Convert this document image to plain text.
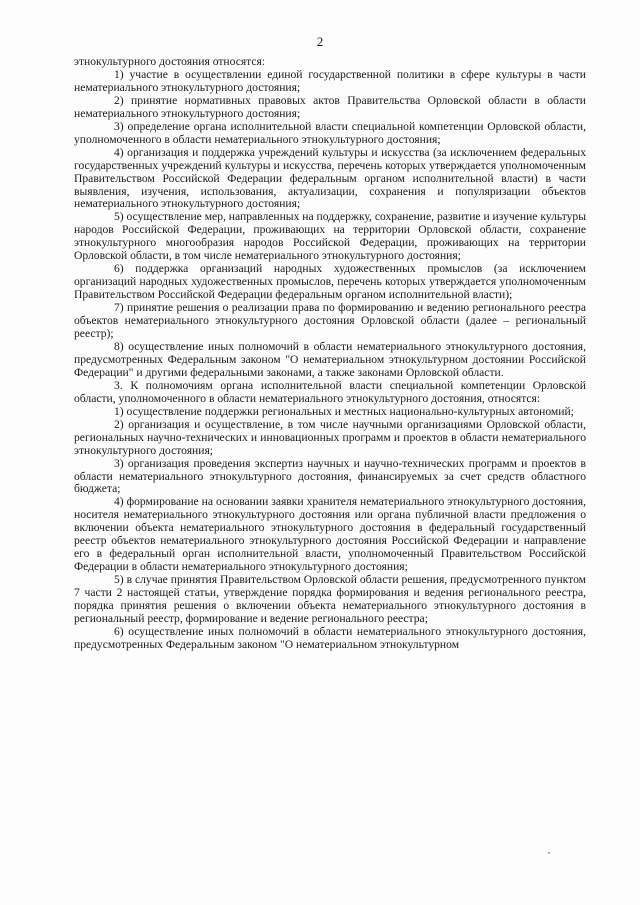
2

этнокультурного достояния относятся:

1) участие в осуществлении единой государственной политики в сфере культуры в части нематериального этнокультурного достояния;

2) принятие нормативных правовых актов Правительства Орловской области в области нематериального этнокультурного достояния;

3) определение органа исполнительной власти специальной компетенции Орловской области, уполномоченного в области нематериального этнокультурного достояния;

4) организация и поддержка учреждений культуры и искусства (за исключением федеральных государственных учреждений культуры и искусства, перечень которых утверждается уполномоченным Правительством Российской Федерации федеральным органом исполнительной власти) в части выявления, изучения, использования, актуализации, сохранения и популяризации объектов нематериального этнокультурного достояния;

5) осуществление мер, направленных на поддержку, сохранение, развитие и изучение культуры народов Российской Федерации, проживающих на территории Орловской области, сохранение этнокультурного многообразия народов Российской Федерации, проживающих на территории Орловской области, в том числе нематериального этнокультурного достояния;

6) поддержка организаций народных художественных промыслов (за исключением организаций народных художественных промыслов, перечень которых утверждается уполномоченным Правительством Российской Федерации федеральным органом исполнительной власти);

7) принятие решения о реализации права по формированию и ведению регионального реестра объектов нематериального этнокультурного достояния Орловской области (далее – региональный реестр);

8) осуществление иных полномочий в области нематериального этнокультурного достояния, предусмотренных Федеральным законом "О нематериальном этнокультурном достоянии Российской Федерации" и другими федеральными законами, а также законами Орловской области.

3. К полномочиям органа исполнительной власти специальной компетенции Орловской области, уполномоченного в области нематериального этнокультурного достояния, относятся:

1) осуществление поддержки региональных и местных национально-культурных автономий;

2) организация и осуществление, в том числе научными организациями Орловской области, региональных научно-технических и инновационных программ и проектов в области нематериального этнокультурного достояния;

3) организация проведения экспертиз научных и научно-технических программ и проектов в области нематериального этнокультурного достояния, финансируемых за счет средств областного бюджета;

4) формирование на основании заявки хранителя нематериального этнокультурного достояния, носителя нематериального этнокультурного достояния или органа публичной власти предложения о включении объекта нематериального этнокультурного достояния в федеральный государственный реестр объектов нематериального этнокультурного достояния Российской Федерации и направление его в федеральный орган исполнительной власти, уполномоченный Правительством Российской Федерации в области нематериального этнокультурного достояния;

5) в случае принятия Правительством Орловской области решения, предусмотренного пунктом 7 части 2 настоящей статьи, утверждение порядка формирования и ведения регионального реестра, порядка принятия решения о включении объекта нематериального этнокультурного достояния в региональный реестр, формирование и ведение регионального реестра;

6) осуществление иных полномочий в области нематериального этнокультурного достояния, предусмотренных Федеральным законом "О нематериальном этнокультурном
